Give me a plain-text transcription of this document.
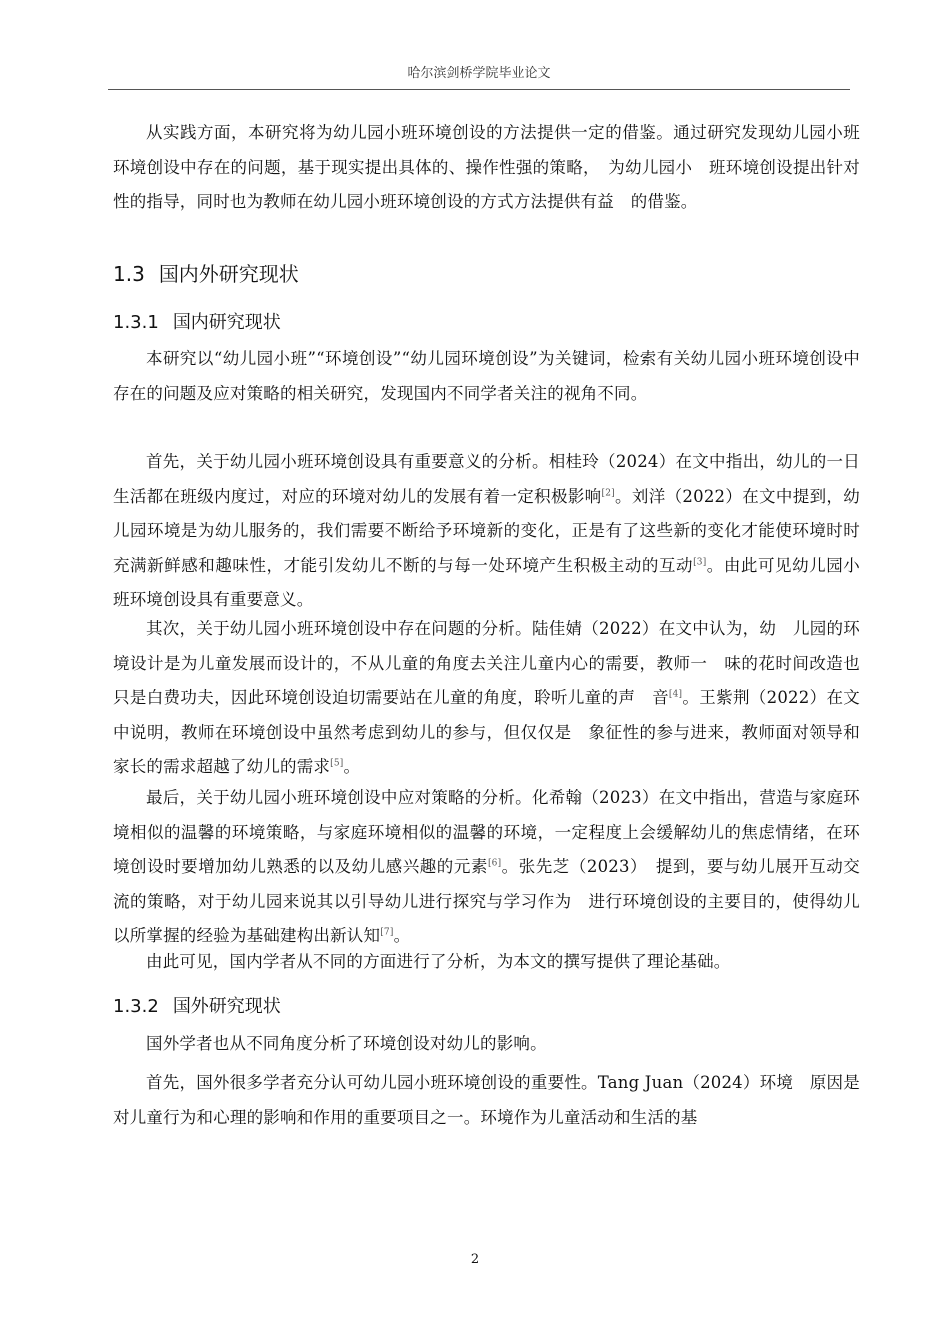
哈尔滨剑桥学院毕业论文

从实践方面，本研究将为幼儿园小班环境创设的方法提供一定的借鉴。通过研究发现幼儿园小班环境创设中存在的问题，基于现实提出具体的、操作性强的策略，　为幼儿园小　班环境创设提出针对性的指导，同时也为教师在幼儿园小班环境创设的方式方法提供有益　的借鉴。

1.3 国内外研究现状
1.3.1 国内研究现状

本研究以“幼儿园小班”“环境创设”“幼儿园环境创设”为关键词，检索有关幼儿园小班环境创设中存在的问题及应对策略的相关研究，发现国内不同学者关注的视角不同。

首先，关于幼儿园小班环境创设具有重要意义的分析。相桂玲（2024）在文中指出，幼儿的一日生活都在班级内度过，对应的环境对幼儿的发展有着一定积极影响[2]。刘洋（2022）在文中提到，幼儿园环境是为幼儿服务的，我们需要不断给予环境新的变化，正是有了这些新的变化才能使环境时时充满新鲜感和趣味性，才能引发幼儿不断的与每一处环境产生积极主动的互动[3]。由此可见幼儿园小班环境创设具有重要意义。

其次，关于幼儿园小班环境创设中存在问题的分析。陆佳婧（2022）在文中认为，幼　儿园的环境设计是为儿童发展而设计的，不从儿童的角度去关注儿童内心的需要，教师一　味的花时间改造也只是白费功夫，因此环境创设迫切需要站在儿童的角度，聆听儿童的声　音[4]。王紫荆（2022）在文中说明，教师在环境创设中虽然考虑到幼儿的参与，但仅仅是　象征性的参与进来，教师面对领导和家长的需求超越了幼儿的需求[5]。

最后，关于幼儿园小班环境创设中应对策略的分析。化希翰（2023）在文中指出，营造与家庭环境相似的温馨的环境策略，与家庭环境相似的温馨的环境，一定程度上会缓解幼儿的焦虑情绪，在环境创设时要增加幼儿熟悉的以及幼儿感兴趣的元素[6]。张先芝（2023）　提到，要与幼儿展开互动交流的策略，对于幼儿园来说其以引导幼儿进行探究与学习作为　进行环境创设的主要目的，使得幼儿以所掌握的经验为基础建构出新认知[7]。

由此可见，国内学者从不同的方面进行了分析，为本文的撰写提供了理论基础。

1.3.2 国外研究现状

国外学者也从不同角度分析了环境创设对幼儿的影响。

首先，国外很多学者充分认可幼儿园小班环境创设的重要性。Tang Juan（2024）环境　原因是对儿童行为和心理的影响和作用的重要项目之一。环境作为儿童活动和生活的基

2
